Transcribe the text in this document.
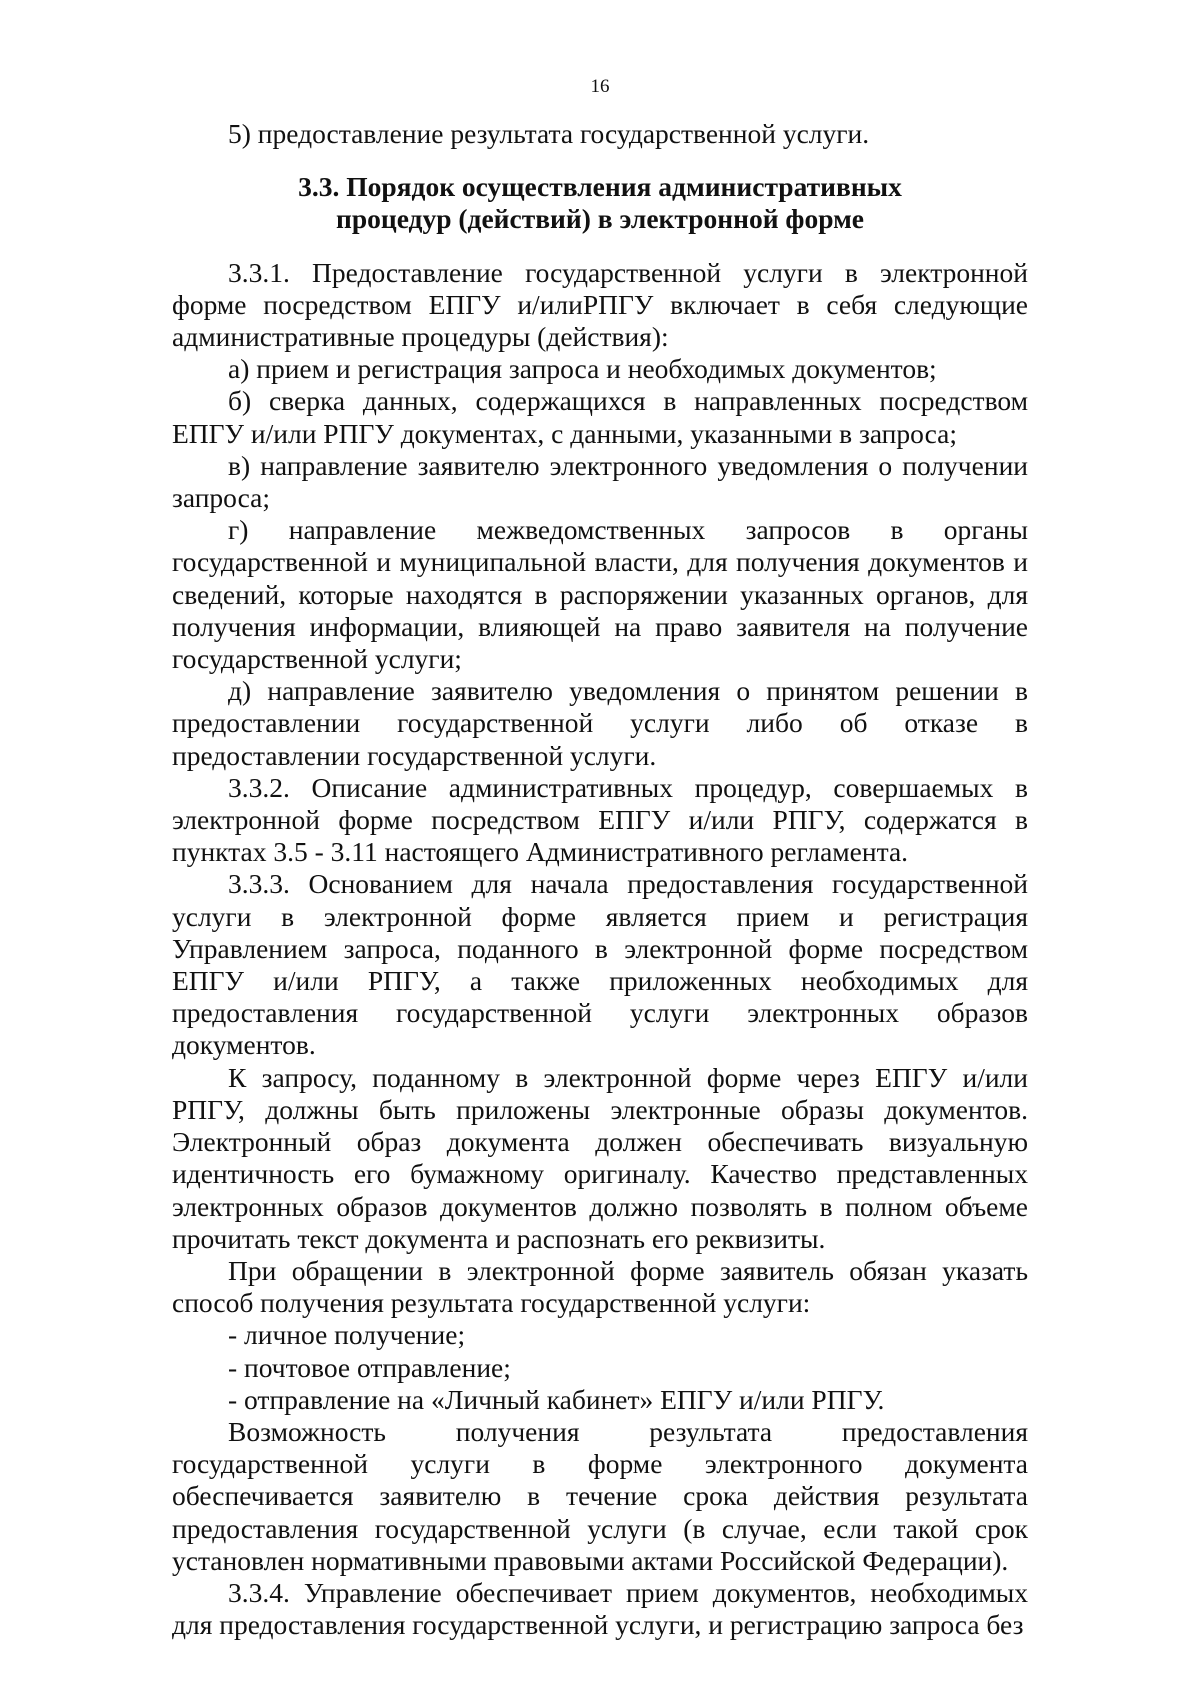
16

5) предоставление результата государственной услуги.

3.3. Порядок осуществления административных
процедур (действий) в электронной форме

3.3.1. Предоставление государственной услуги в электронной форме посредством ЕПГУ и/илиРПГУ включает в себя следующие административные процедуры (действия):

а) прием и регистрация запроса и необходимых документов;

б) сверка данных, содержащихся в направленных посредством ЕПГУ и/или РПГУ документах, с данными, указанными в запроса;

в) направление заявителю электронного уведомления о получении запроса;

г) направление межведомственных запросов в органы государственной и муниципальной власти, для получения документов и сведений, которые находятся в распоряжении указанных органов, для получения информации, влияющей на право заявителя на получение государственной услуги;

д) направление заявителю уведомления о принятом решении в предоставлении государственной услуги либо об отказе в предоставлении государственной услуги.

3.3.2. Описание административных процедур, совершаемых в электронной форме посредством ЕПГУ и/или РПГУ, содержатся в пунктах 3.5 - 3.11 настоящего Административного регламента.

3.3.3. Основанием для начала предоставления государственной услуги в электронной форме является прием и регистрация Управлением запроса, поданного в электронной форме посредством ЕПГУ и/или РПГУ, а также приложенных необходимых для предоставления государственной услуги электронных образов документов.

К запросу, поданному в электронной форме через ЕПГУ и/или РПГУ, должны быть приложены электронные образы документов. Электронный образ документа должен обеспечивать визуальную идентичность его бумажному оригиналу. Качество представленных электронных образов документов должно позволять в полном объеме прочитать текст документа и распознать его реквизиты.

При обращении в электронной форме заявитель обязан указать способ получения результата государственной услуги:

- личное получение;

- почтовое отправление;

- отправление на «Личный кабинет» ЕПГУ и/или РПГУ.

Возможность получения результата предоставления государственной услуги в форме электронного документа обеспечивается заявителю в течение срока действия результата предоставления государственной услуги (в случае, если такой срок установлен нормативными правовыми актами Российской Федерации).

3.3.4. Управление обеспечивает прием документов, необходимых для предоставления государственной услуги, и регистрацию запроса без
